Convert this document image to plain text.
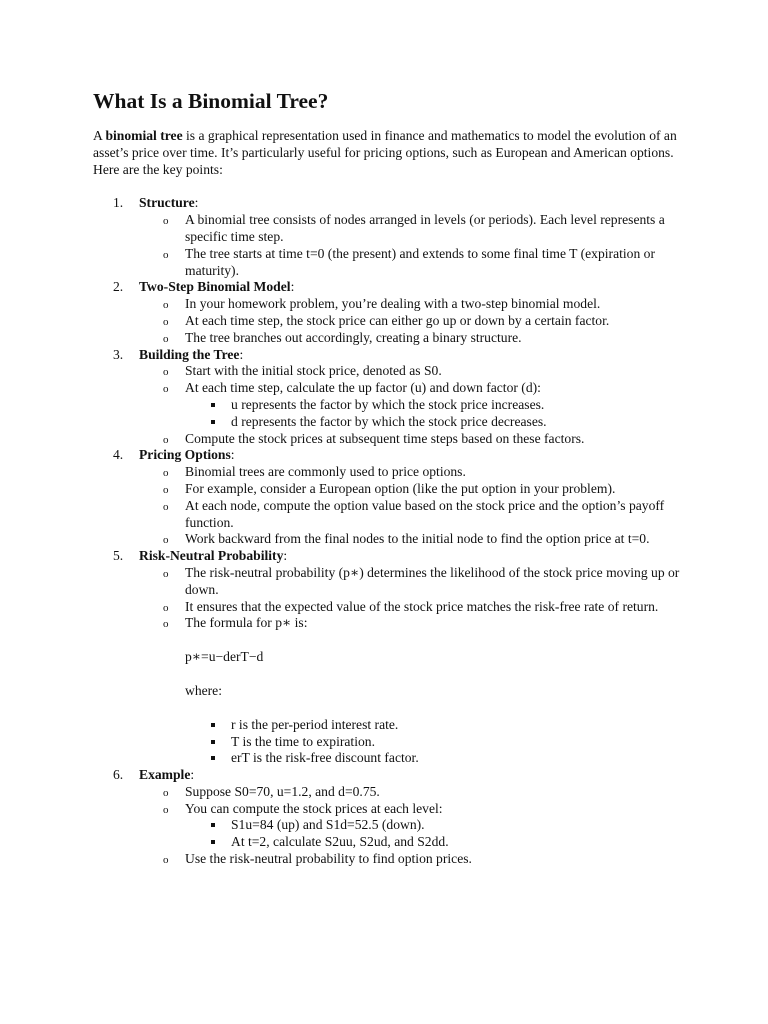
What Is a Binomial Tree?

A binomial tree is a graphical representation used in finance and mathematics to model the evolution of an asset’s price over time. It’s particularly useful for pricing options, such as European and American options. Here are the key points:

1. Structure:
o A binomial tree consists of nodes arranged in levels (or periods). Each level represents a specific time step.
o The tree starts at time t=0 (the present) and extends to some final time T (expiration or maturity).
2. Two-Step Binomial Model:
o In your homework problem, you’re dealing with a two-step binomial model.
o At each time step, the stock price can either go up or down by a certain factor.
o The tree branches out accordingly, creating a binary structure.
3. Building the Tree:
o Start with the initial stock price, denoted as S0.
o At each time step, calculate the up factor (u) and down factor (d):
u represents the factor by which the stock price increases.
d represents the factor by which the stock price decreases.
o Compute the stock prices at subsequent time steps based on these factors.
4. Pricing Options:
o Binomial trees are commonly used to price options.
o For example, consider a European option (like the put option in your problem).
o At each node, compute the option value based on the stock price and the option’s payoff function.
o Work backward from the final nodes to the initial node to find the option price at t=0.
5. Risk-Neutral Probability:
o The risk-neutral probability (p∗) determines the likelihood of the stock price moving up or down.
o It ensures that the expected value of the stock price matches the risk-free rate of return.
o The formula for p∗ is:
p∗=u−derT−d
where:
r is the per-period interest rate.
T is the time to expiration.
erT is the risk-free discount factor.
6. Example:
o Suppose S0=70, u=1.2, and d=0.75.
o You can compute the stock prices at each level:
S1u=84 (up) and S1d=52.5 (down).
At t=2, calculate S2uu, S2ud, and S2dd.
o Use the risk-neutral probability to find option prices.
